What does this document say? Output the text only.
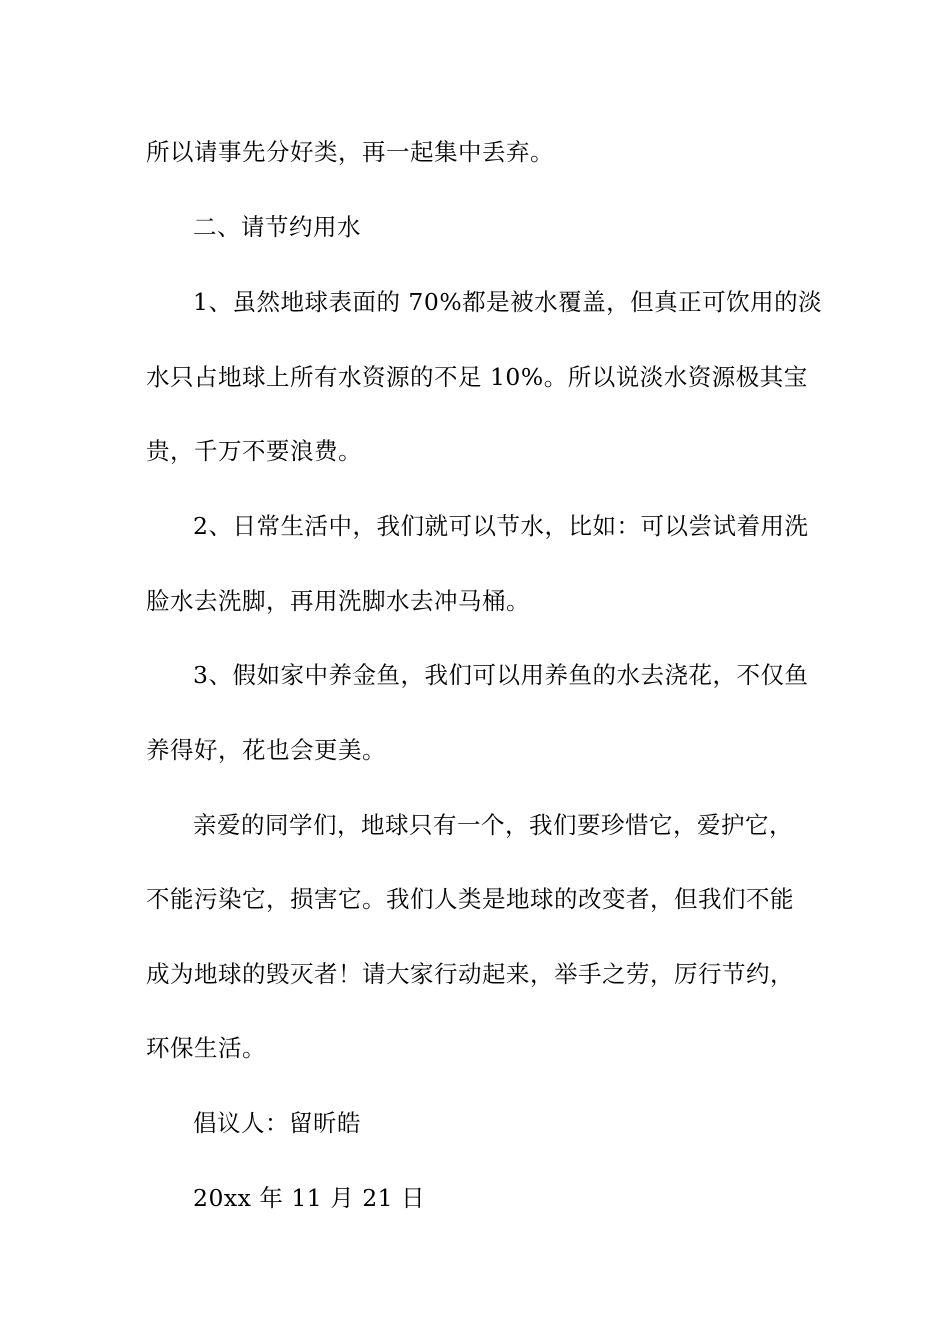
所以请事先分好类，再一起集中丢弃。
二、请节约用水
1、虽然地球表面的 70%都是被水覆盖，但真正可饮用的淡
水只占地球上所有水资源的不足 10%。所以说淡水资源极其宝
贵，千万不要浪费。
2、日常生活中，我们就可以节水，比如：可以尝试着用洗
脸水去洗脚，再用洗脚水去冲马桶。
3、假如家中养金鱼，我们可以用养鱼的水去浇花，不仅鱼
养得好，花也会更美。
亲爱的同学们，地球只有一个，我们要珍惜它，爱护它，
不能污染它，损害它。我们人类是地球的改变者，但我们不能
成为地球的毁灭者！请大家行动起来，举手之劳，厉行节约，
环保生活。
倡议人：留昕皓
20xx 年 11 月 21 日
